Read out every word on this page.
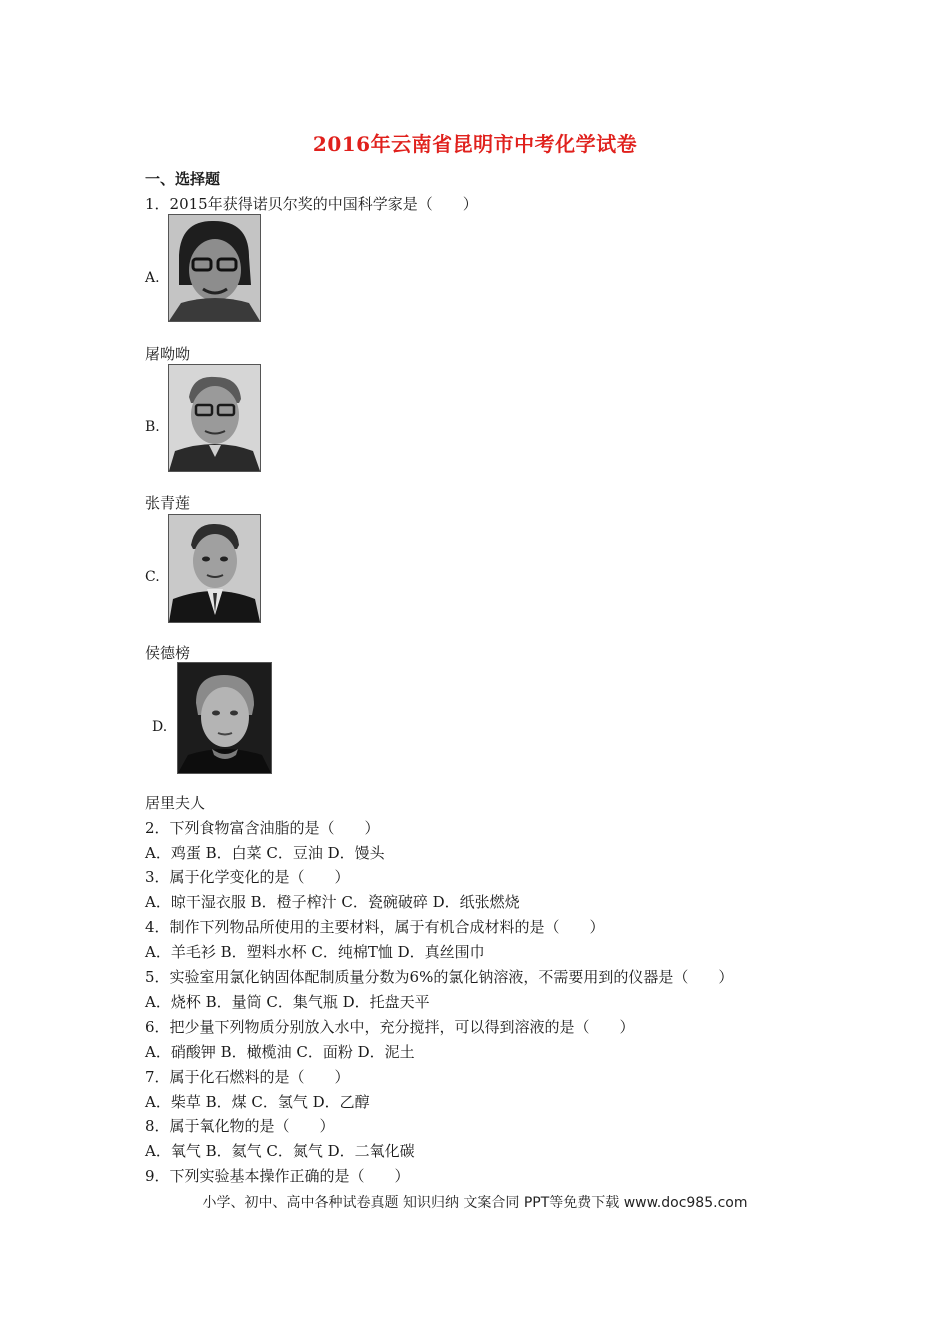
2016年云南省昆明市中考化学试卷
一、选择题
1．2015年获得诺贝尔奖的中国科学家是（　　）
A.
屠呦呦
B.
张青莲
C.
侯德榜
D.
居里夫人
2．下列食物富含油脂的是（　　）
A．鸡蛋 B．白菜 C．豆油 D．馒头
3．属于化学变化的是（　　）
A．晾干湿衣服 B．橙子榨汁 C．瓷碗破碎 D．纸张燃烧
4．制作下列物品所使用的主要材料，属于有机合成材料的是（　　）
A．羊毛衫 B．塑料水杯 C．纯棉T恤 D．真丝围巾
5．实验室用氯化钠固体配制质量分数为6%的氯化钠溶液，不需要用到的仪器是（　　）
A．烧杯 B．量筒 C．集气瓶 D．托盘天平
6．把少量下列物质分别放入水中，充分搅拌，可以得到溶液的是（　　）
A．硝酸钾 B．橄榄油 C．面粉 D．泥土
7．属于化石燃料的是（　　）
A．柴草 B．煤 C．氢气 D．乙醇
8．属于氧化物的是（　　）
A．氧气 B．氦气 C．氮气 D．二氧化碳
9．下列实验基本操作正确的是（　　）
小学、初中、高中各种试卷真题 知识归纳 文案合同 PPT等免费下载 www.doc985.com
